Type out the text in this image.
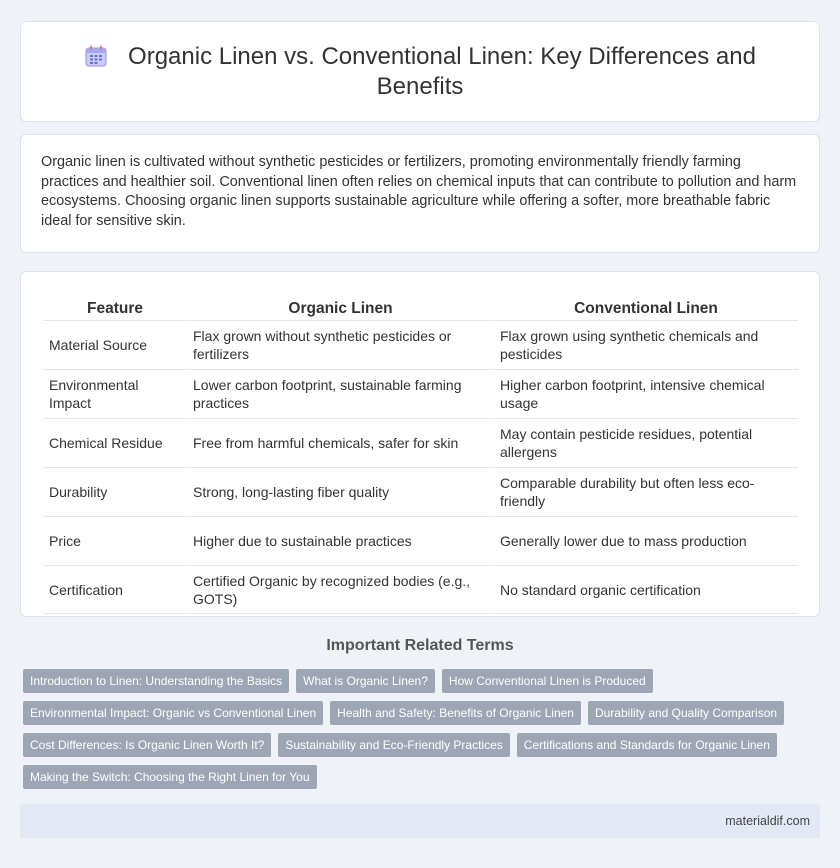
Organic Linen vs. Conventional Linen: Key Differences and Benefits

Organic linen is cultivated without synthetic pesticides or fertilizers, promoting environmentally friendly farming practices and healthier soil. Conventional linen often relies on chemical inputs that can contribute to pollution and harm ecosystems. Choosing organic linen supports sustainable agriculture while offering a softer, more breathable fabric ideal for sensitive skin.

Feature	Organic Linen	Conventional Linen
Material Source	Flax grown without synthetic pesticides or fertilizers	Flax grown using synthetic chemicals and pesticides
Environmental Impact	Lower carbon footprint, sustainable farming practices	Higher carbon footprint, intensive chemical usage
Chemical Residue	Free from harmful chemicals, safer for skin	May contain pesticide residues, potential allergens
Durability	Strong, long-lasting fiber quality	Comparable durability but often less eco-friendly
Price	Higher due to sustainable practices	Generally lower due to mass production
Certification	Certified Organic by recognized bodies (e.g., GOTS)	No standard organic certification
Important Related Terms
Introduction to Linen: Understanding the Basics	What is Organic Linen?	How Conventional Linen is Produced
Environmental Impact: Organic vs Conventional Linen	Health and Safety: Benefits of Organic Linen	Durability and Quality Comparison
Cost Differences: Is Organic Linen Worth It?	Sustainability and Eco-Friendly Practices	Certifications and Standards for Organic Linen
Making the Switch: Choosing the Right Linen for You
materialdif.com
